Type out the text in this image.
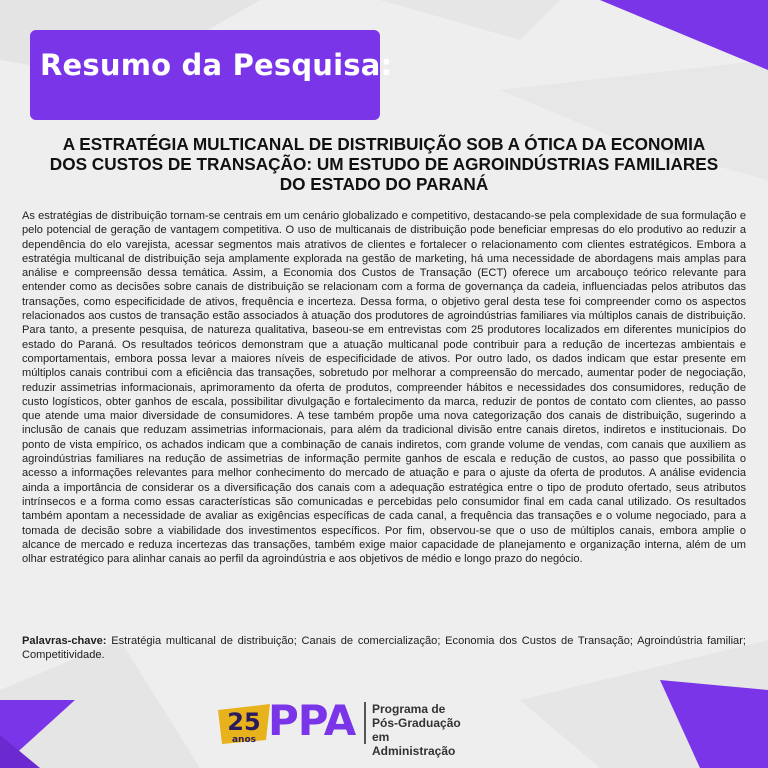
Resumo da Pesquisa:
A ESTRATÉGIA MULTICANAL DE DISTRIBUIÇÃO SOB A ÓTICA DA ECONOMIA
DOS CUSTOS DE TRANSAÇÃO: UM ESTUDO DE AGROINDÚSTRIAS FAMILIARES
DO ESTADO DO PARANÁ

As estratégias de distribuição tornam-se centrais em um cenário globalizado e competitivo, destacando-se pela complexidade de sua formulação e pelo potencial de geração de vantagem competitiva. O uso de multicanais de distribuição pode beneficiar empresas do elo produtivo ao reduzir a dependência do elo varejista, acessar segmentos mais atrativos de clientes e fortalecer o relacionamento com clientes estratégicos. Embora a estratégia multicanal de distribuição seja amplamente explorada na gestão de marketing, há uma necessidade de abordagens mais amplas para análise e compreensão dessa temática. Assim, a Economia dos Custos de Transação (ECT) oferece um arcabouço teórico relevante para entender como as decisões sobre canais de distribuição se relacionam com a forma de governança da cadeia, influenciadas pelos atributos das transações, como especificidade de ativos, frequência e incerteza. Dessa forma, o objetivo geral desta tese foi compreender como os aspectos relacionados aos custos de transação estão associados à atuação dos produtores de agroindústrias familiares via múltiplos canais de distribuição. Para tanto, a presente pesquisa, de natureza qualitativa, baseou-se em entrevistas com 25 produtores localizados em diferentes municípios do estado do Paraná. Os resultados teóricos demonstram que a atuação multicanal pode contribuir para a redução de incertezas ambientais e comportamentais, embora possa levar a maiores níveis de especificidade de ativos. Por outro lado, os dados indicam que estar presente em múltiplos canais contribui com a eficiência das transações, sobretudo por melhorar a compreensão do mercado, aumentar poder de negociação, reduzir assimetrias informacionais, aprimoramento da oferta de produtos, compreender hábitos e necessidades dos consumidores, redução de custo logísticos, obter ganhos de escala, possibilitar divulgação e fortalecimento da marca, reduzir de pontos de contato com clientes, ao passo que atende uma maior diversidade de consumidores. A tese também propõe uma nova categorização dos canais de distribuição, sugerindo a inclusão de canais que reduzam assimetrias informacionais, para além da tradicional divisão entre canais diretos, indiretos e institucionais. Do ponto de vista empírico, os achados indicam que a combinação de canais indiretos, com grande volume de vendas, com canais que auxiliem as agroindústrias familiares na redução de assimetrias de informação permite ganhos de escala e redução de custos, ao passo que possibilita o acesso a informações relevantes para melhor conhecimento do mercado de atuação e para o ajuste da oferta de produtos. A análise evidencia ainda a importância de considerar os a diversificação dos canais com a adequação estratégica entre o tipo de produto ofertado, seus atributos intrínsecos e a forma como essas características são comunicadas e percebidas pelo consumidor final em cada canal utilizado. Os resultados também apontam a necessidade de avaliar as exigências específicas de cada canal, a frequência das transações e o volume negociado, para a tomada de decisão sobre a viabilidade dos investimentos específicos. Por fim, observou-se que o uso de múltiplos canais, embora amplie o alcance de mercado e reduza incertezas das transações, também exige maior capacidade de planejamento e organização interna, além de um olhar estratégico para alinhar canais ao perfil da agroindústria e aos objetivos de médio e longo prazo do negócio.

Palavras-chave: Estratégia multicanal de distribuição; Canais de comercialização; Economia dos Custos de Transação; Agroindústria familiar; Competitividade.

25
anos PPA Programa de
Pós-Graduação em
Administração
